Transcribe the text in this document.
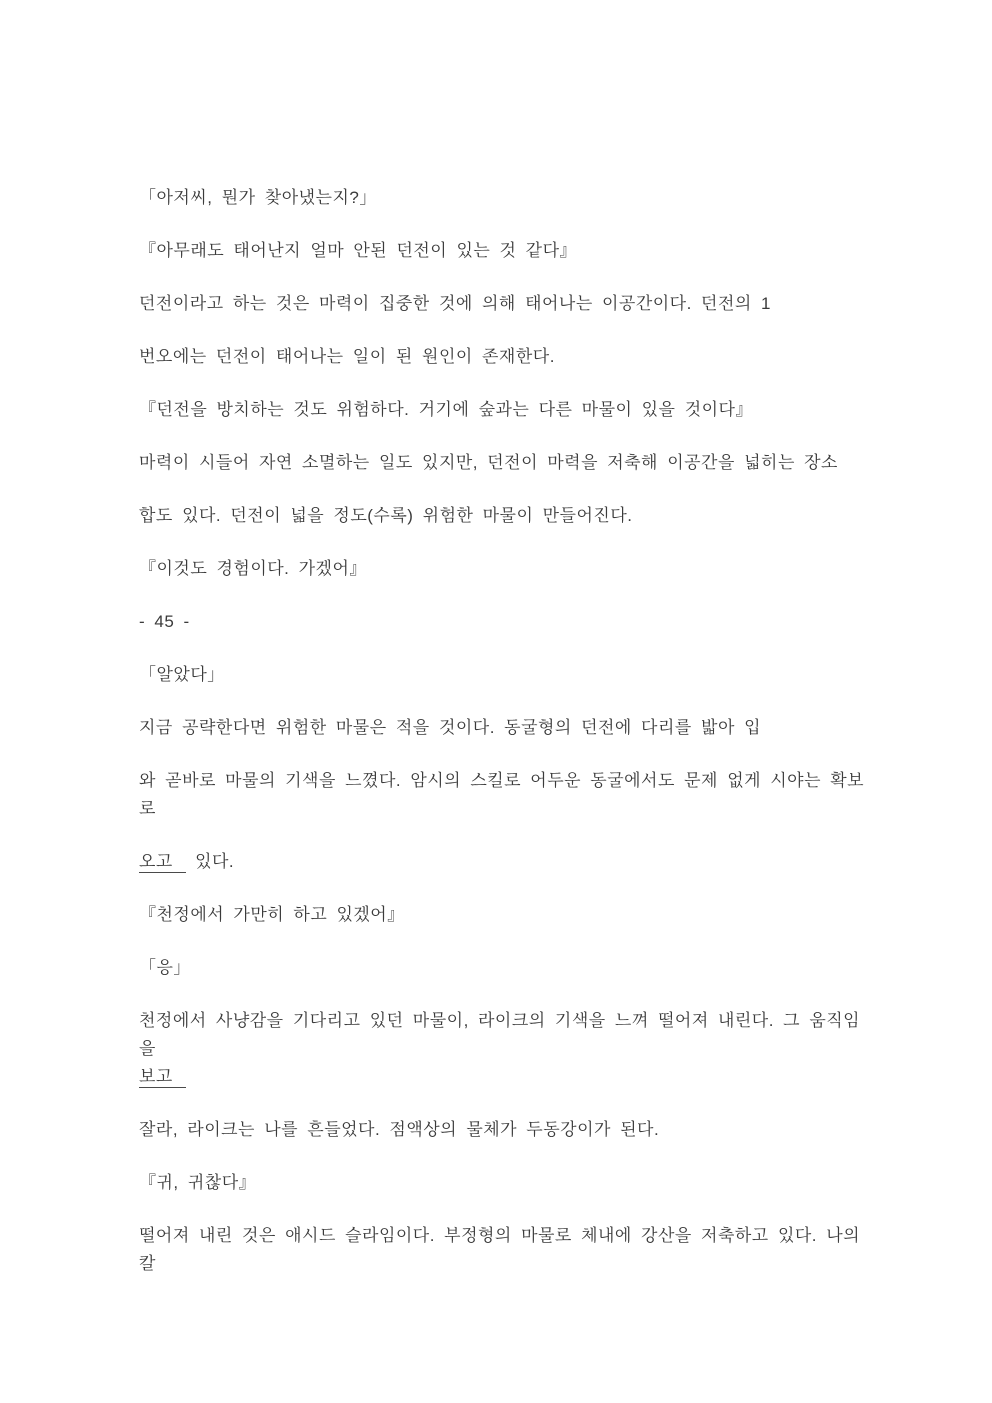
「아저씨, 뭔가 찾아냈는지?」

『아무래도 태어난지 얼마 안된 던전이 있는 것 같다』

던전이라고 하는 것은 마력이 집중한 것에 의해 태어나는 이공간이다. 던전의 1

번오에는 던전이 태어나는 일이 된 원인이 존재한다.

『던전을 방치하는 것도 위험하다. 거기에 숲과는 다른 마물이 있을 것이다』

마력이 시들어 자연 소멸하는 일도 있지만, 던전이 마력을 저축해 이공간을 넓히는 장소

합도 있다. 던전이 넓을 정도(수록) 위험한 마물이 만들어진다.

『이것도 경험이다. 가겠어』

- 45 -

「알았다」

지금 공략한다면 위험한 마물은 적을 것이다. 동굴형의 던전에 다리를 밟아 입

와 곧바로 마물의 기색을 느꼈다. 암시의 스킬로 어두운 동굴에서도 문제 없게 시야는 확보로

오고 있다.

『천정에서 가만히 하고 있겠어』

「응」

천정에서 사냥감을 기다리고 있던 마물이, 라이크의 기색을 느껴 떨어져 내린다. 그 움직임을
보고

잘라, 라이크는 나를 흔들었다. 점액상의 물체가 두동강이가 된다.

『귀, 귀찮다』

떨어져 내린 것은 애시드 슬라임이다. 부정형의 마물로 체내에 강산을 저축하고 있다. 나의
칼
